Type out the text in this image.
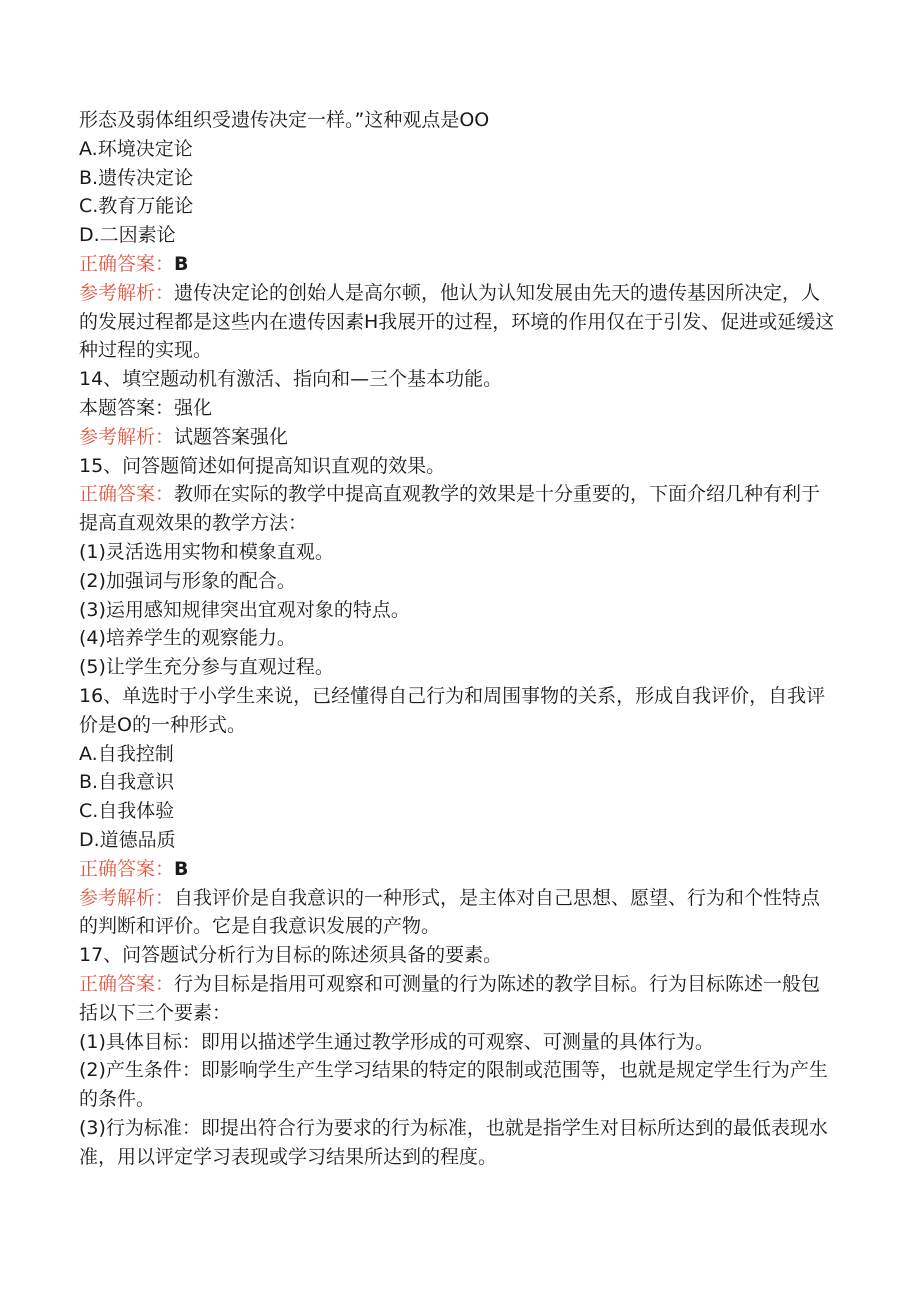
形态及弱体组织受遗传决定一样。”这种观点是OO
A.环境决定论
B.遗传决定论
C.教育万能论
D.二因素论
正确答案：B
参考解析：遗传决定论的创始人是高尔顿，他认为认知发展由先天的遗传基因所决定，人的发展过程都是这些内在遗传因素H我展开的过程，环境的作用仅在于引发、促进或延缓这种过程的实现。
14、填空题动机有激活、指向和—三个基本功能。
本题答案：强化
参考解析：试题答案强化
15、问答题简述如何提高知识直观的效果。
正确答案：教师在实际的教学中提高直观教学的效果是十分重要的，下面介绍几种有利于提高直观效果的教学方法：
(1)灵活选用实物和模象直观。
(2)加强词与形象的配合。
(3)运用感知规律突出宜观对象的特点。
(4)培养学生的观察能力。
(5)让学生充分参与直观过程。
16、单选时于小学生来说，已经懂得自己行为和周围事物的关系，形成自我评价，自我评价是O的一种形式。
A.自我控制
B.自我意识
C.自我体验
D.道德品质
正确答案：B
参考解析：自我评价是自我意识的一种形式，是主体对自己思想、愿望、行为和个性特点的判断和评价。它是自我意识发展的产物。
17、问答题试分析行为目标的陈述须具备的要素。
正确答案：行为目标是指用可观察和可测量的行为陈述的教学目标。行为目标陈述一般包括以下三个要素：
(1)具体目标：即用以描述学生通过教学形成的可观察、可测量的具体行为。
(2)产生条件：即影响学生产生学习结果的特定的限制或范围等，也就是规定学生行为产生的条件。
(3)行为标准：即提出符合行为要求的行为标准，也就是指学生对目标所达到的最低表现水准，用以评定学习表现或学习结果所达到的程度。
